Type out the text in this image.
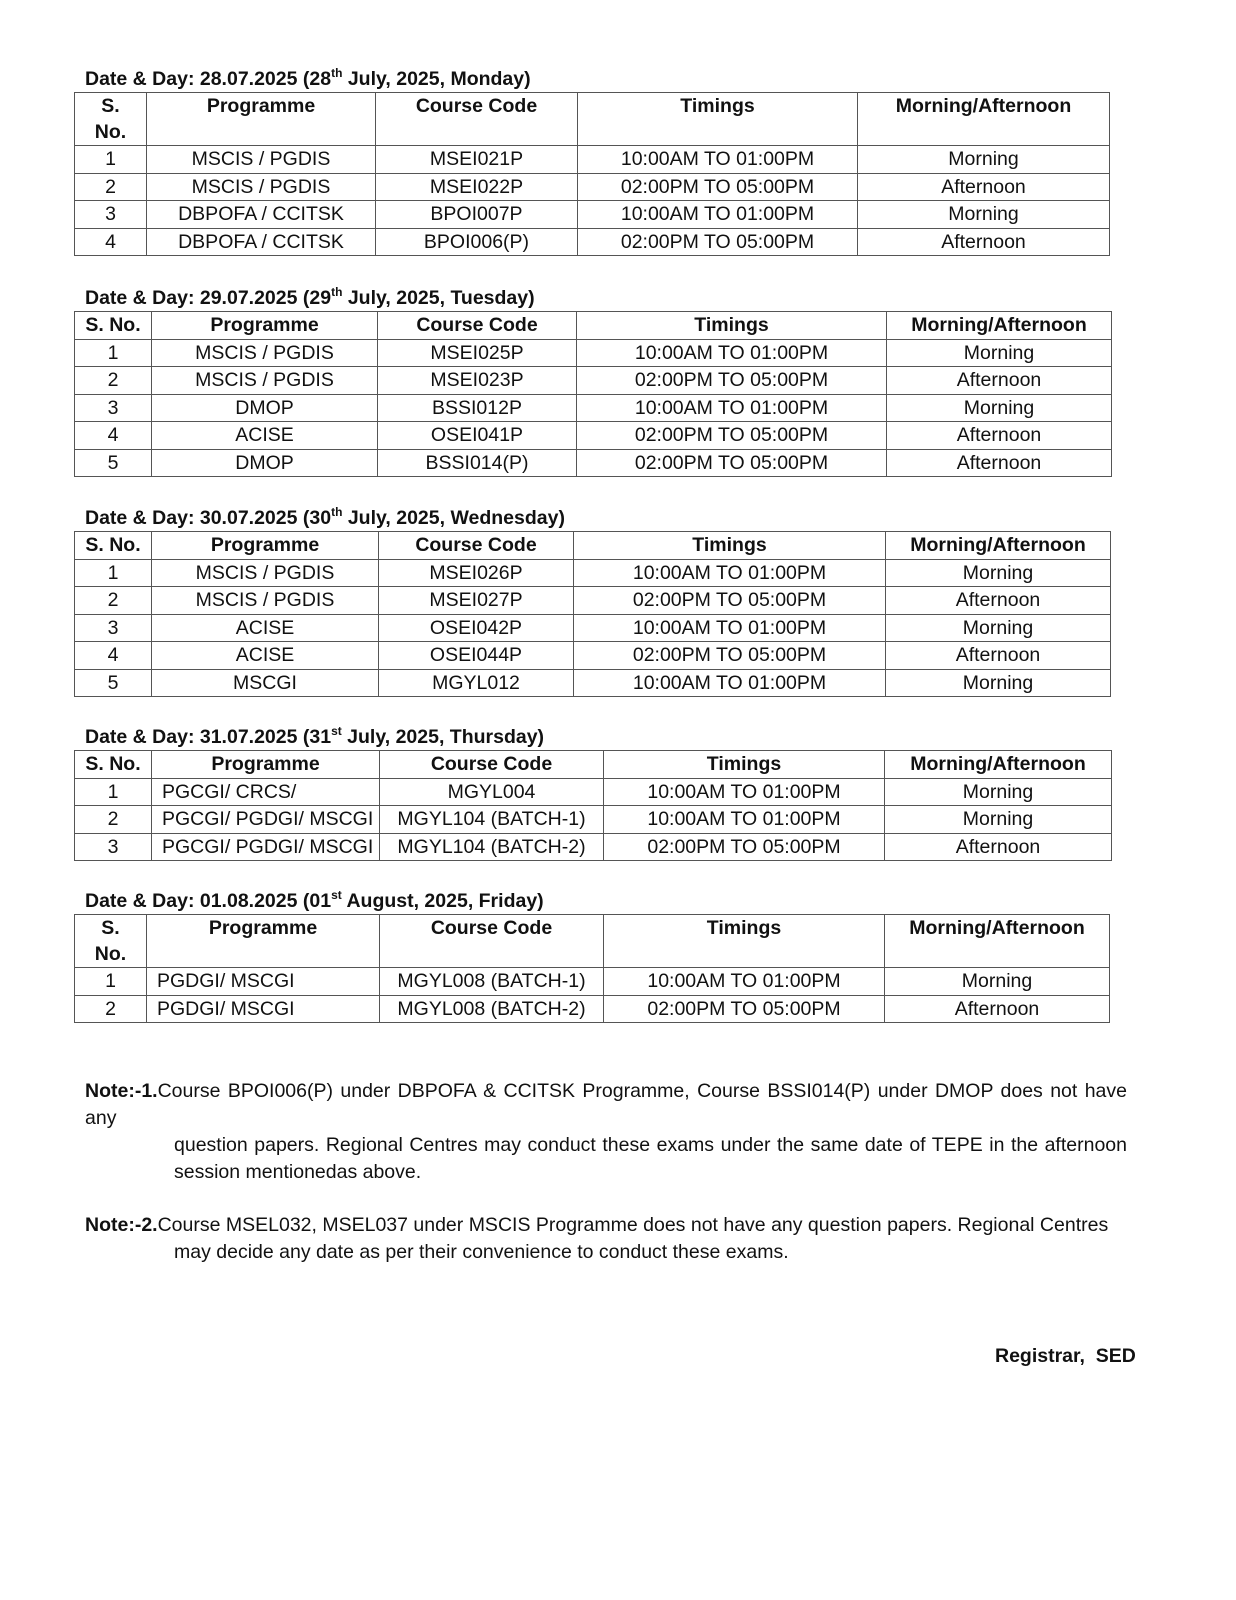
Date & Day: 28.07.2025 (28th July, 2025, Monday)
S.
No.	Programme	Course Code	Timings	Morning/Afternoon
1	MSCIS / PGDIS	MSEI021P	10:00AM TO 01:00PM	Morning
2	MSCIS / PGDIS	MSEI022P	02:00PM TO 05:00PM	Afternoon
3	DBPOFA / CCITSK	BPOI007P	10:00AM TO 01:00PM	Morning
4	DBPOFA / CCITSK	BPOI006(P)	02:00PM TO 05:00PM	Afternoon
Date & Day: 29.07.2025 (29th July, 2025, Tuesday)
S. No.	Programme	Course Code	Timings	Morning/Afternoon
1	MSCIS / PGDIS	MSEI025P	10:00AM TO 01:00PM	Morning
2	MSCIS / PGDIS	MSEI023P	02:00PM TO 05:00PM	Afternoon
3	DMOP	BSSI012P	10:00AM TO 01:00PM	Morning
4	ACISE	OSEI041P	02:00PM TO 05:00PM	Afternoon
5	DMOP	BSSI014(P)	02:00PM TO 05:00PM	Afternoon
Date & Day: 30.07.2025 (30th July, 2025, Wednesday)
S. No.	Programme	Course Code	Timings	Morning/Afternoon
1	MSCIS / PGDIS	MSEI026P	10:00AM TO 01:00PM	Morning
2	MSCIS / PGDIS	MSEI027P	02:00PM TO 05:00PM	Afternoon
3	ACISE	OSEI042P	10:00AM TO 01:00PM	Morning
4	ACISE	OSEI044P	02:00PM TO 05:00PM	Afternoon
5	MSCGI	MGYL012	10:00AM TO 01:00PM	Morning
Date & Day: 31.07.2025 (31st July, 2025, Thursday)
S. No.	Programme	Course Code	Timings	Morning/Afternoon
1	PGCGI/ CRCS/	MGYL004	10:00AM TO 01:00PM	Morning
2	PGCGI/ PGDGI/ MSCGI	MGYL104 (BATCH-1)	10:00AM TO 01:00PM	Morning
3	PGCGI/ PGDGI/ MSCGI	MGYL104 (BATCH-2)	02:00PM TO 05:00PM	Afternoon
Date & Day: 01.08.2025 (01st August, 2025, Friday)
S.
No.	Programme	Course Code	Timings	Morning/Afternoon
1	PGDGI/ MSCGI	MGYL008 (BATCH-1)	10:00AM TO 01:00PM	Morning
2	PGDGI/ MSCGI	MGYL008 (BATCH-2)	02:00PM TO 05:00PM	Afternoon
Note:-1.Course BPOI006(P) under DBPOFA & CCITSK Programme, Course BSSI014(P) under DMOP does not have any
question papers. Regional Centres may conduct these exams under the same date of TEPE in the afternoon session mentionedas above.
Note:-2.Course MSEL032, MSEL037 under MSCIS Programme does not have any question papers. Regional Centres
may decide any date as per their convenience to conduct these exams.
Registrar,  SED
